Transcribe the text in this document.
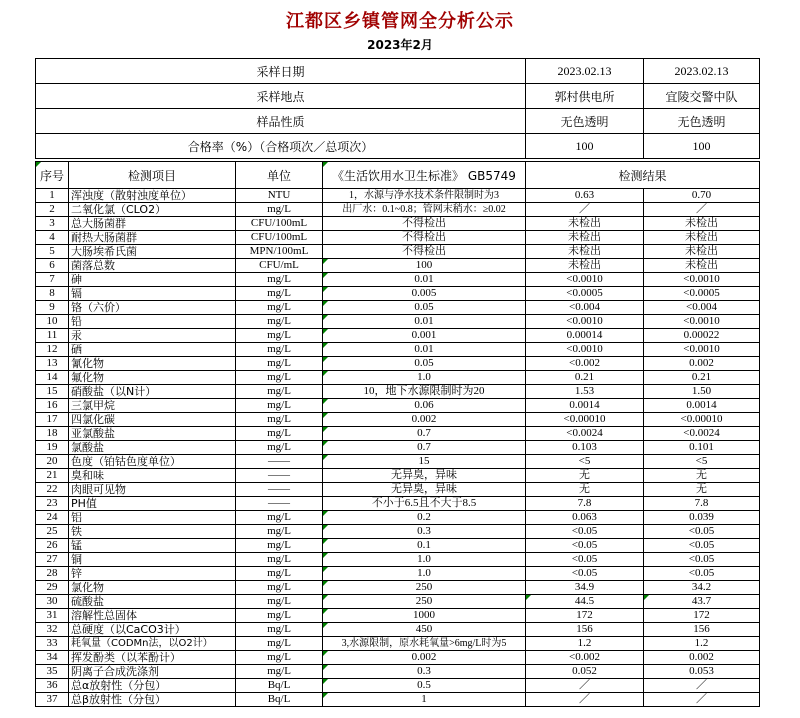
江都区乡镇管网全分析公示
2023年2月
采样日期	2023.02.13	2023.02.13
采样地点	郭村供电所	宜陵交警中队
样品性质	无色透明	无色透明
合格率（%）（合格项次／总项次）	100	100
序号	检测项目	单位	《生活饮用水卫生标准》 GB5749	检测结果	
1	浑浊度（散射浊度单位）	NTU	1，水源与净水技术条件限制时为3	0.63	0.70
2	二氧化氯（CLO2）	mg/L	出厂水：0.1~0.8；管网末稍水：≥0.02	／	／
3	总大肠菌群	CFU/100mL	不得检出	未检出	未检出
4	耐热大肠菌群	CFU/100mL	不得检出	未检出	未检出
5	大肠埃希氏菌	MPN/100mL	不得检出	未检出	未检出
6	菌落总数	CFU/mL	100	未检出	未检出
7	砷	mg/L	0.01	<0.0010	<0.0010
8	镉	mg/L	0.005	<0.0005	<0.0005
9	铬（六价）	mg/L	0.05	<0.004	<0.004
10	铅	mg/L	0.01	<0.0010	<0.0010
11	汞	mg/L	0.001	0.00014	0.00022
12	硒	mg/L	0.01	<0.0010	<0.0010
13	氰化物	mg/L	0.05	<0.002	0.002
14	氟化物	mg/L	1.0	0.21	0.21
15	硝酸盐（以N计）	mg/L	10，地下水源限制时为20	1.53	1.50
16	三氯甲烷	mg/L	0.06	0.0014	0.0014
17	四氯化碳	mg/L	0.002	<0.00010	<0.00010
18	亚氯酸盐	mg/L	0.7	<0.0024	<0.0024
19	氯酸盐	mg/L	0.7	0.103	0.101
20	色度（铂钴色度单位）	——	15	<5	<5
21	臭和味	——	无异臭，异味	无	无
22	肉眼可见物	——	无异臭，异味	无	无
23	PH值	——	不小于6.5且不大于8.5	7.8	7.8
24	铝	mg/L	0.2	0.063	0.039
25	铁	mg/L	0.3	<0.05	<0.05
26	锰	mg/L	0.1	<0.05	<0.05
27	铜	mg/L	1.0	<0.05	<0.05
28	锌	mg/L	1.0	<0.05	<0.05
29	氯化物	mg/L	250	34.9	34.2
30	硫酸盐	mg/L	250	44.5	43.7

31	溶解性总固体	mg/L	1000	172	172
32	总硬度（以CaCO3计）	mg/L	450	156	156
33	耗氧量（CODMn法，以O2计）	mg/L	3,水源限制，原水耗氧量>6mg/L时为5	1.2	1.2
34	挥发酚类（以苯酚计）	mg/L	0.002	<0.002	0.002
35	阴离子合成洗涤剂	mg/L	0.3	0.052	0.053
36	总α放射性（分包）	Bq/L	0.5	／	／
37	总β放射性（分包）	Bq/L	1	／	／
